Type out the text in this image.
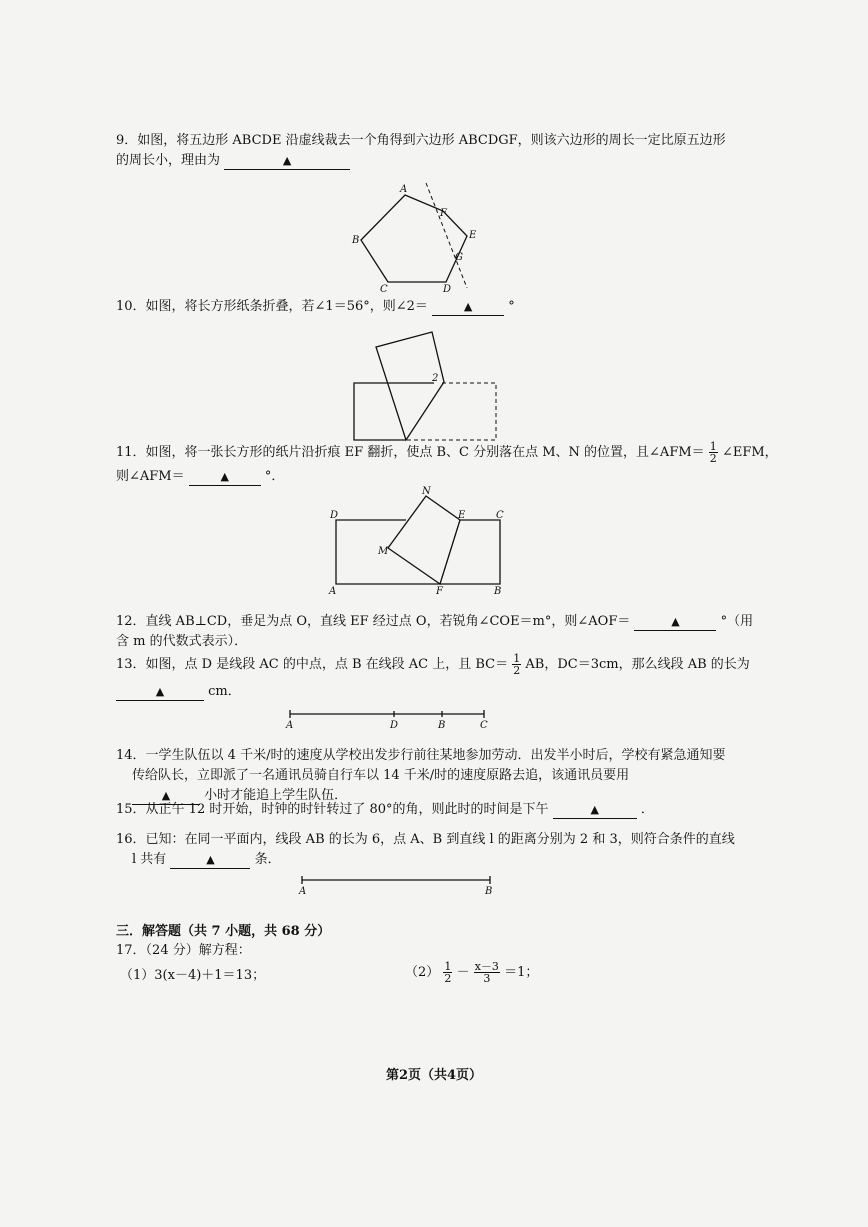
9．如图，将五边形 ABCDE 沿虚线裁去一个角得到六边形 ABCDGF，则该六边形的周长一定比原五边形
的周长小，理由为	▲
A
B
C	D
E
F
G
10．如图，将长方形纸条折叠，若∠1＝56°，则∠2＝	▲	°
2
11．如图，将一张长方形的纸片沿折痕 EF 翻折，使点 B、C 分别落在点 M、N 的位置，且∠AFM＝ $\frac{1}{2}$ ∠EFM，
则∠AFM＝	▲	°．
N
D	E	C
M
A	F	B
12．直线 AB⊥CD，垂足为点 O，直线 EF 经过点 O，若锐角∠COE＝m°，则∠AOF＝	▲	°（用
含 m 的代数式表示）．
13．如图，点 D 是线段 AC 的中点，点 B 在线段 AC 上，且 $BC= \frac{1}{2}$ AB，DC＝3cm，那么线段 AB 的长为
▲	cm．
A	D	B	C
14．一学生队伍以 4 千米/时的速度从学校出发步行前往某地参加劳动．出发半小时后，学校有紧急通知要
传给队长，立即派了一名通讯员骑自行车以 14 千米/时的速度原路去追，该通讯员要用
▲	小时才能追上学生队伍．
15．从正午 12 时开始，时钟的时针转过了 80°的角，则此时的时间是下午	▲	．
16．已知：在同一平面内，线段 AB 的长为 6，点 A、B 到直线 l 的距离分别为 2 和 3，则符合条件的直线
l 共有	▲	条．
A	B
三．解答题（共 7 小题，共 68 分）
17．（24 分）解方程：
（1）3(x－4)＋1＝13；	$(2) \frac{1}{2} - \frac{x-3}{3} =1$；
第2页（共4页）
